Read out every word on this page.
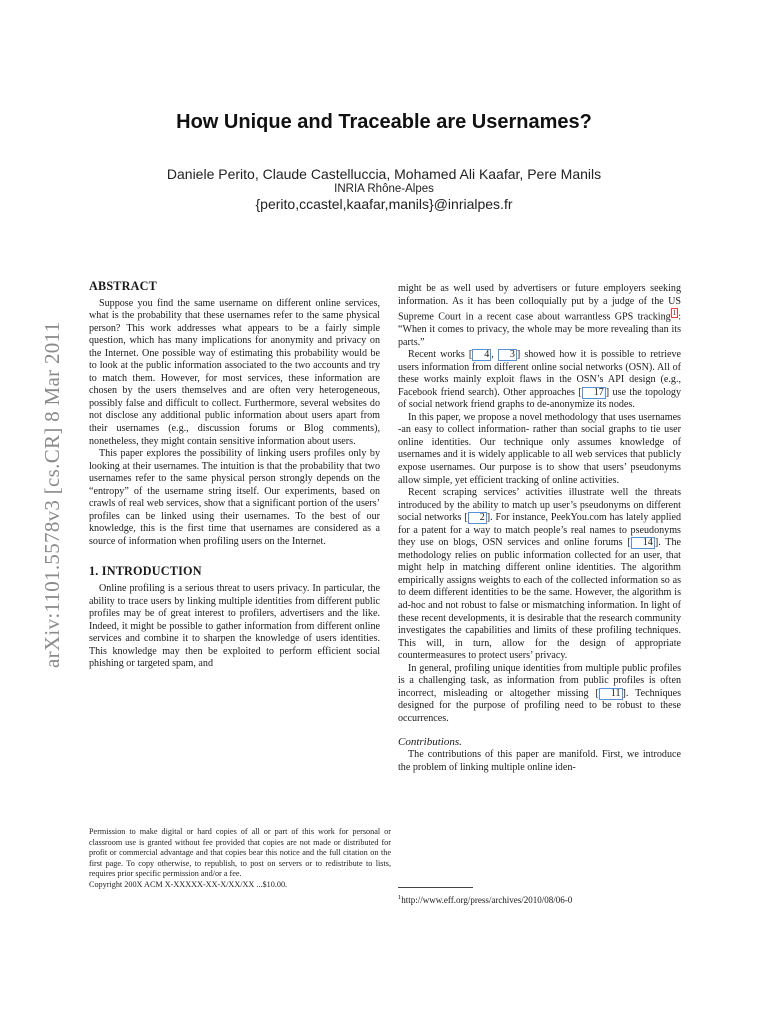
arXiv:1101.5578v3 [cs.CR] 8 Mar 2011
How Unique and Traceable are Usernames?
Daniele Perito, Claude Castelluccia, Mohamed Ali Kaafar, Pere Manils
INRIA Rhône-Alpes
{perito,ccastel,kaafar,manils}@inrialpes.fr
ABSTRACT

Suppose you find the same username on different online services, what is the probability that these usernames refer to the same physical person? This work addresses what appears to be a fairly simple question, which has many implications for anonymity and privacy on the Internet. One possible way of estimating this probability would be to look at the public information associated to the two accounts and try to match them. However, for most services, these information are chosen by the users themselves and are often very heterogeneous, possibly false and difficult to collect. Furthermore, several websites do not disclose any additional public information about users apart from their usernames (e.g., discussion forums or Blog comments), nonetheless, they might contain sensitive information about users.

This paper explores the possibility of linking users profiles only by looking at their usernames. The intuition is that the probability that two usernames refer to the same physical person strongly depends on the “entropy” of the username string itself. Our experiments, based on crawls of real web services, show that a significant portion of the users’ profiles can be linked using their usernames. To the best of our knowledge, this is the first time that usernames are considered as a source of information when profiling users on the Internet.

1. INTRODUCTION

Online profiling is a serious threat to users privacy. In particular, the ability to trace users by linking multiple identities from different public profiles may be of great interest to profilers, advertisers and the like. Indeed, it might be possible to gather information from different online services and combine it to sharpen the knowledge of users identities. This knowledge may then be exploited to perform efficient social phishing or targeted spam, and

might be as well used by advertisers or future employers seeking information. As it has been colloquially put by a judge of the US Supreme Court in a recent case about warrantless GPS tracking 1 : “When it comes to privacy, the whole may be more revealing than its parts.”

Recent works [ 4 , 3 ] showed how it is possible to retrieve users information from different online social networks (OSN). All of these works mainly exploit flaws in the OSN’s API design (e.g., Facebook friend search). Other approaches [ 17 ] use the topology of social network friend graphs to de-anonymize its nodes.

In this paper, we propose a novel methodology that uses usernames -an easy to collect information- rather than social graphs to tie user online identities. Our technique only assumes knowledge of usernames and it is widely applicable to all web services that publicly expose usernames. Our purpose is to show that users’ pseudonyms allow simple, yet efficient tracking of online activities.

Recent scraping services’ activities illustrate well the threats introduced by the ability to match up user’s pseudonyms on different social networks [ 2 ]. For instance, PeekYou.com has lately applied for a patent for a way to match people’s real names to pseudonyms they use on blogs, OSN services and online forums [ 14 ]. The methodology relies on public information collected for an user, that might help in matching different online identities. The algorithm empirically assigns weights to each of the collected information so as to deem different identities to be the same. However, the algorithm is ad-hoc and not robust to false or mismatching information. In light of these recent developments, it is desirable that the research community investigates the capabilities and limits of these profiling techniques. This will, in turn, allow for the design of appropriate countermeasures to protect users’ privacy.

In general, profiling unique identities from multiple public profiles is a challenging task, as information from public profiles is often incorrect, misleading or altogether missing [ 11 ]. Techniques designed for the purpose of profiling need to be robust to these occurrences.

Contributions.

The contributions of this paper are manifold. First, we introduce the problem of linking multiple online iden-

Permission to make digital or hard copies of all or part of this work for personal or classroom use is granted without fee provided that copies are not made or distributed for profit or commercial advantage and that copies bear this notice and the full citation on the first page. To copy otherwise, to republish, to post on servers or to redistribute to lists, requires prior specific permission and/or a fee.
Copyright 200X ACM X-XXXXX-XX-X/XX/XX ...$10.00.
$^1$http://www.eff.org/press/archives/2010/08/06-0
